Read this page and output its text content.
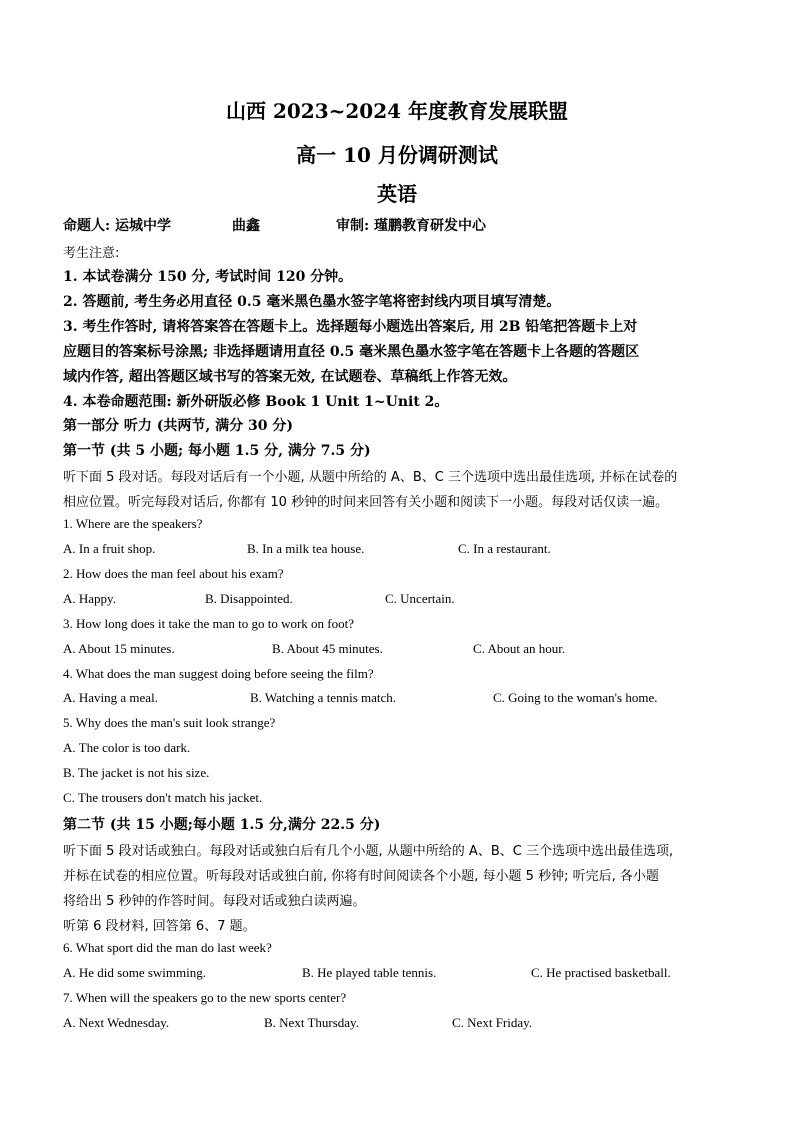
山西 2023~2024 年度教育发展联盟
高一 10 月份调研测试
英语
命题人: 运城中学	曲鑫	审制: 瑾鹏教育研发中心
考生注意:
1. 本试卷满分 150 分, 考试时间 120 分钟。
2. 答题前, 考生务必用直径 0.5 毫米黑色墨水签字笔将密封线内项目填写清楚。
3. 考生作答时, 请将答案答在答题卡上。选择题每小题选出答案后, 用 2B 铅笔把答题卡上对
应题目的答案标号涂黑; 非选择题请用直径 0.5 毫米黑色墨水签字笔在答题卡上各题的答题区
域内作答, 超出答题区域书写的答案无效, 在试题卷、草稿纸上作答无效。
4. 本卷命题范围: 新外研版必修 Book 1 Unit 1~Unit 2。
第一部分 听力 (共两节, 满分 30 分)
第一节 (共 5 小题; 每小题 1.5 分, 满分 7.5 分)
听下面 5 段对话。每段对话后有一个小题, 从题中所给的 A、B、C 三个选项中选出最佳选项, 并标在试卷的
相应位置。听完每段对话后, 你都有 10 秒钟的时间来回答有关小题和阅读下一小题。每段对话仅读一遍。
1. Where are the speakers?
A. In a fruit shop.	B. In a milk tea house.	C. In a restaurant.
2. How does the man feel about his exam?
A. Happy.	B. Disappointed.	C. Uncertain.
3. How long does it take the man to go to work on foot?
A. About 15 minutes.	B. About 45 minutes.	C. About an hour.
4. What does the man suggest doing before seeing the film?
A. Having a meal.	B. Watching a tennis match.	C. Going to the woman's home.
5. Why does the man's suit look strange?
A. The color is too dark.
B. The jacket is not his size.
C. The trousers don't match his jacket.
第二节 (共 15 小题;每小题 1.5 分,满分 22.5 分)
听下面 5 段对话或独白。每段对话或独白后有几个小题, 从题中所给的 A、B、C 三个选项中选出最佳选项,
并标在试卷的相应位置。听每段对话或独白前, 你将有时间阅读各个小题, 每小题 5 秒钟; 听完后, 各小题
将给出 5 秒钟的作答时间。每段对话或独白读两遍。
听第 6 段材料, 回答第 6、7 题。
6. What sport did the man do last week?
A. He did some swimming.	B. He played table tennis.	C. He practised basketball.
7. When will the speakers go to the new sports center?
A. Next Wednesday.	B. Next Thursday.	C. Next Friday.
